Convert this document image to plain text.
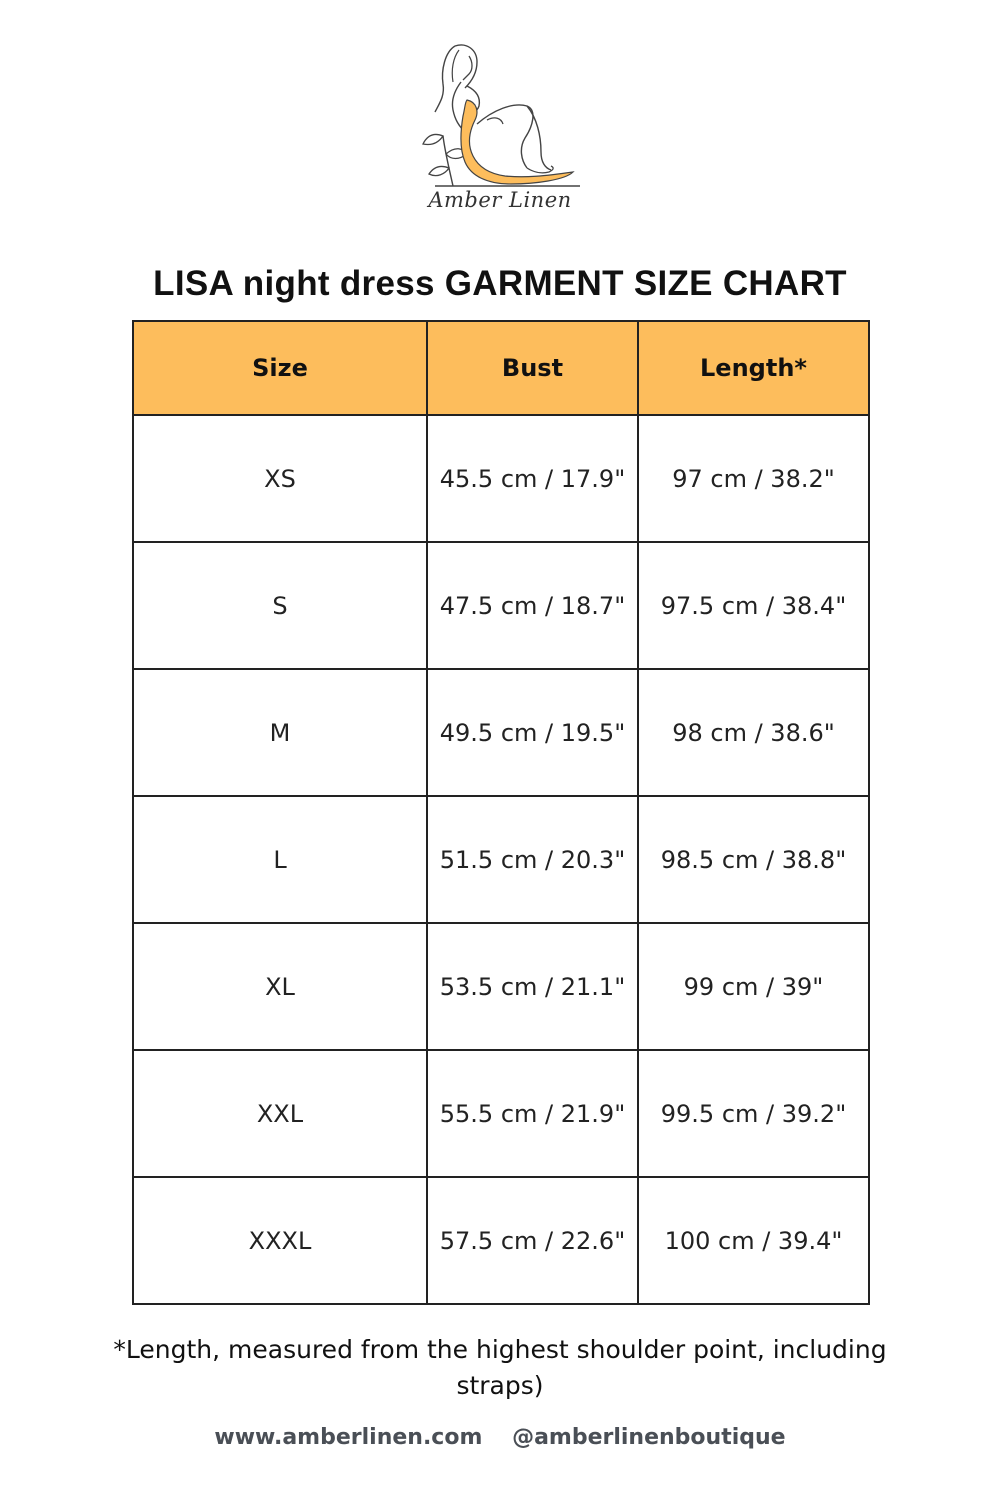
Amber Linen
LISA night dress GARMENT SIZE CHART
Size	Bust	Length*
XS	45.5 cm / 17.9"	97 cm / 38.2"
S	47.5 cm / 18.7"	97.5 cm / 38.4"
M	49.5 cm / 19.5"	98 cm / 38.6"
L	51.5 cm / 20.3"	98.5 cm / 38.8"
XL	53.5 cm / 21.1"	99 cm / 39"
XXL	55.5 cm / 21.9"	99.5 cm / 39.2"
XXXL	57.5 cm / 22.6"	100 cm / 39.4"

*Length, measured from the highest shoulder point, including straps)

www.amberlinen.com @amberlinenboutique
